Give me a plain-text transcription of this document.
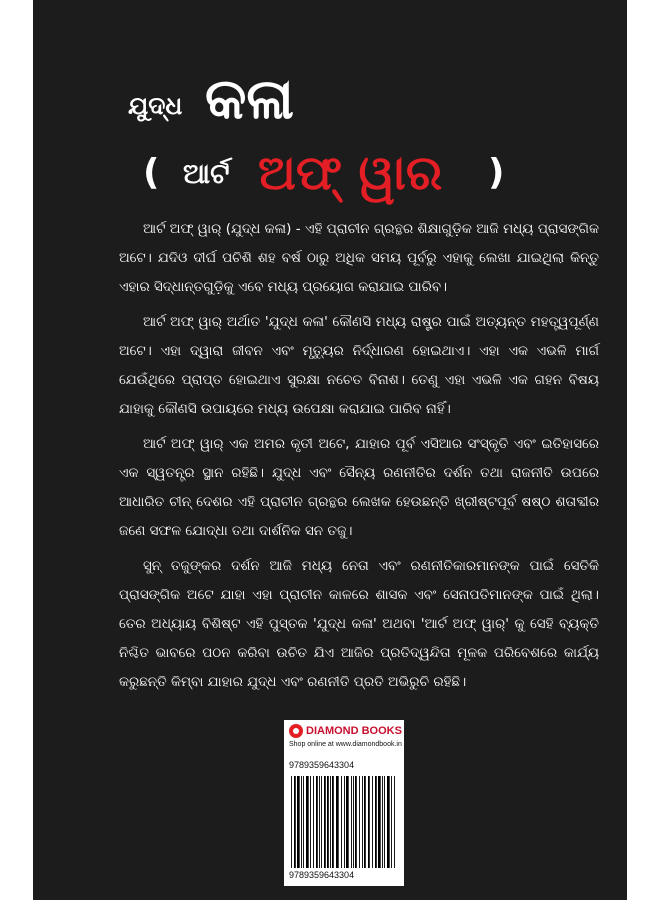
ଯୁଦ୍ଧ କଳା
( ଆର୍ଟ ଅଫ୍ ୱାର )

ଆର୍ଟ ଅଫ୍ ୱାର୍ (ଯୁଦ୍ଧ କଳା) - ଏହି ପ୍ରାଚୀନ ଗ୍ରନ୍ଥର ଶିକ୍ଷାଗୁଡ଼ିକ ଆଜି ମଧ୍ୟ ପ୍ରାସଙ୍ଗିକ ଅଟେ। ଯଦିଓ ଦୀର୍ଘ ପଚିଶି ଶହ ବର୍ଷ ଠାରୁ ଅଧିକ ସମୟ ପୂର୍ବରୁ ଏହାକୁ ଲେଖା ଯାଇଥିଲା କିନ୍ତୁ ଏହାର ସିଦ୍ଧାନ୍ତଗୁଡ଼ିକୁ ଏବେ ମଧ୍ୟ ପ୍ରୟୋଗ କରାଯାଇ ପାରିବ।

ଆର୍ଟ ଅଫ୍ ୱାର୍ ଅର୍ଥାତ 'ଯୁଦ୍ଧ କଳା' କୌଣସି ମଧ୍ୟ ରାଷ୍ଟ୍ର ପାଇଁ ଅତ୍ୟନ୍ତ ମହତ୍ତ୍ୱପୂର୍ଣ୍ଣ ଅଟେ। ଏହା ଦ୍ୱାରା ଜୀବନ ଏବଂ ମୃତ୍ୟୁର ନିର୍ଦ୍ଧାରଣ ହୋଇଥାଏ। ଏହା ଏକ ଏଭଳି ମାର୍ଗ ଯେଉଁଥିରେ ପ୍ରାପ୍ତ ହୋଇଥାଏ ସୁରକ୍ଷା ନଚେତ ବିନାଶ। ତେଣୁ ଏହା ଏଭଳି ଏକ ଗହନ ବିଷୟ ଯାହାକୁ କୌଣସି ଉପାୟରେ ମଧ୍ୟ ଉପେକ୍ଷା କରାଯାଇ ପାରିବ ନାହିଁ।

ଆର୍ଟ ଅଫ୍ ୱାର୍ ଏକ ଅମର କୃତୀ ଅଟେ, ଯାହାର ପୂର୍ବ ଏସିଆର ସଂସ୍କୃତି ଏବଂ ଇତିହାସରେ ଏକ ସ୍ୱତନ୍ତ୍ର ସ୍ଥାନ ରହିଛି। ଯୁଦ୍ଧ ଏବଂ ସୈନ୍ୟ ରଣନୀତିର ଦର୍ଶନ ତଥା ରାଜନୀତି ଉପରେ ଆଧାରିତ ଚୀନ୍ ଦେଶର ଏହି ପ୍ରାଚୀନ ଗ୍ରନ୍ଥର ଲେଖକ ହେଉଛନ୍ତି ଖ୍ରୀଷ୍ଟପୂର୍ବ ଷଷ୍ଠ ଶତାବ୍ଦୀର ଜଣେ ସଫଳ ଯୋଦ୍ଧା ତଥା ଦାର୍ଶନିକ ସନ ତଜୁ।

ସୁନ୍ ତଜୁଙ୍କର ଦର୍ଶନ ଆଜି ମଧ୍ୟ ନେତା ଏବଂ ରଣନୀତିକାରମାନଙ୍କ ପାଇଁ ସେତିକି ପ୍ରାସଙ୍ଗିକ ଅଟେ ଯାହା ଏହା ପ୍ରାଚୀନ କାଳରେ ଶାସକ ଏବଂ ସେନାପତିମାନଙ୍କ ପାଇଁ ଥିଲା। ତେର ଅଧ୍ୟାୟ ବିଶିଷ୍ଟ ଏହି ପୁସ୍ତକ 'ଯୁଦ୍ଧ କଳା' ଅଥବା 'ଆର୍ଟ ଅଫ୍ ୱାର୍' କୁ ସେହି ବ୍ୟକ୍ତି ନିଶ୍ଚିତ ଭାବରେ ପଠନ କରିବା ଉଚିତ ଯିଏ ଆଜିର ପ୍ରତିଦ୍ୱନ୍ଦିତା ମୂଳକ ପରିବେଶରେ କାର୍ଯ୍ୟ କରୁଛନ୍ତି କିମ୍ବା ଯାହାର ଯୁଦ୍ଧ ଏବଂ ରଣନୀତି ପ୍ରତି ଅଭିରୁଚି ରହିଛି।

DIAMOND BOOKS
Shop online at www.diamondbook.in
9789359643304
9789359643304
